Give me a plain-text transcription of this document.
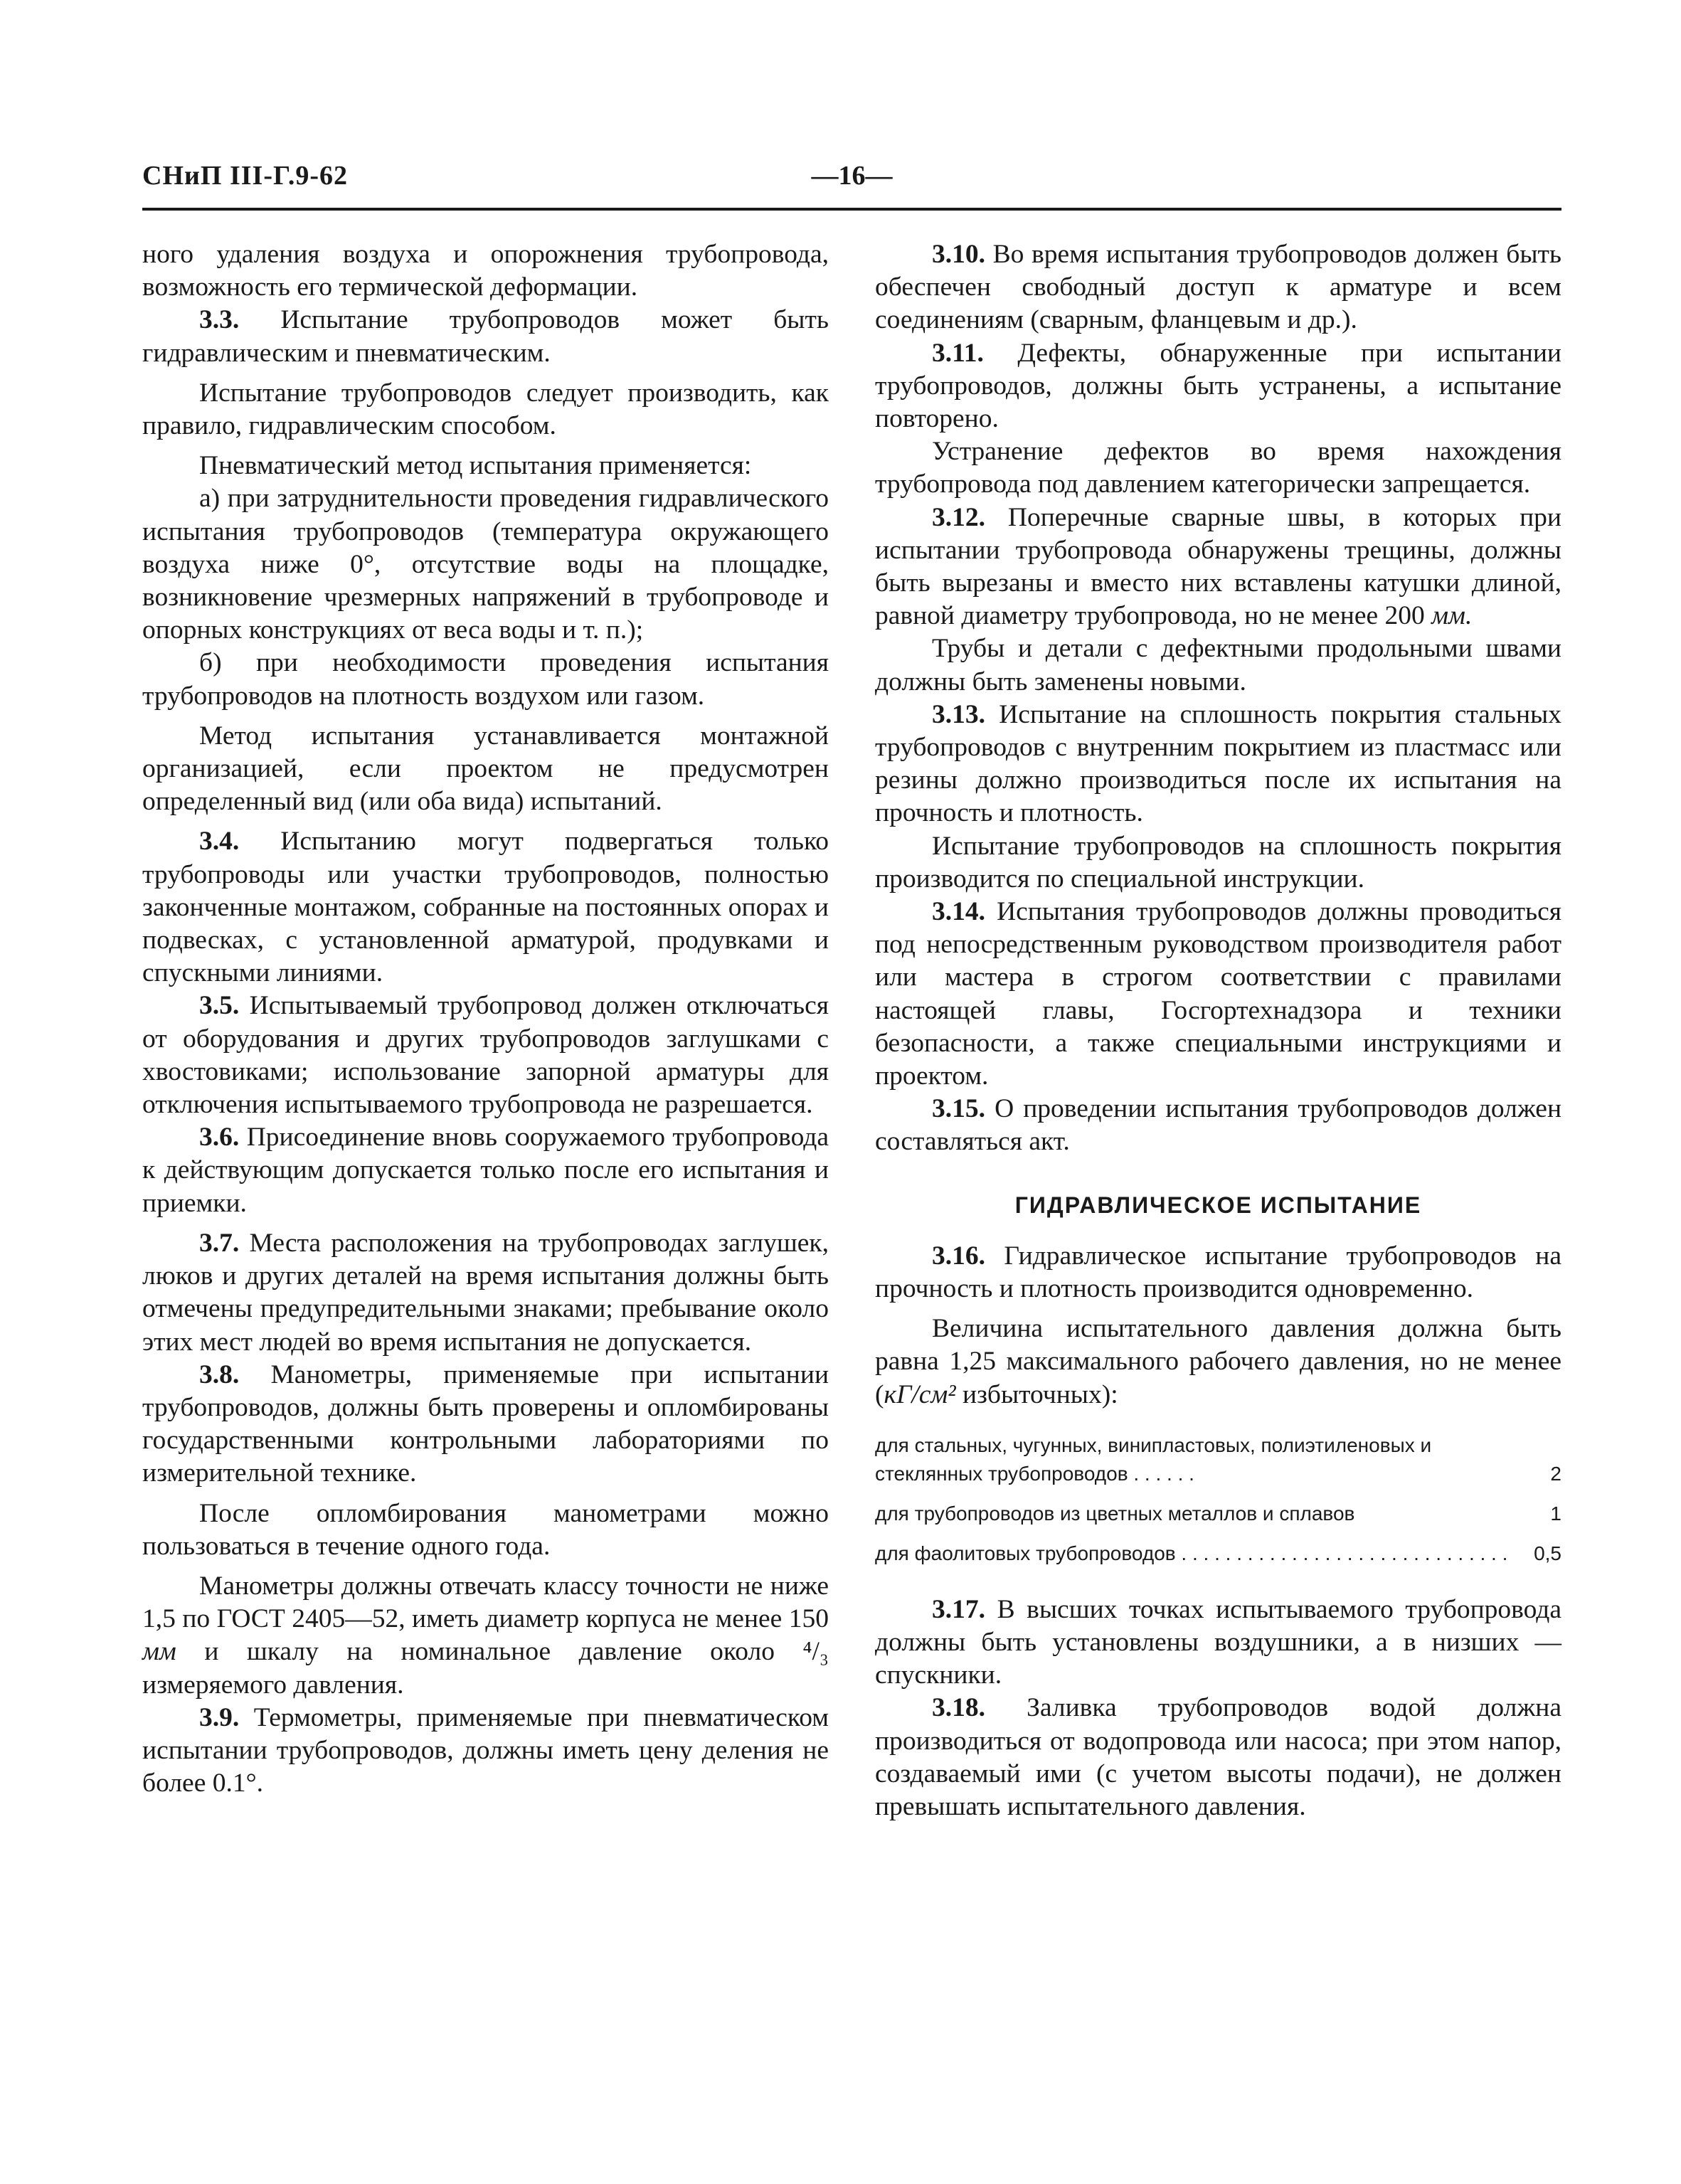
СНиП III-Г.9-62	—16—

ного удаления воздуха и опорожнения трубопровода, возможность его термической деформации.

3.3. Испытание трубопроводов может быть гидравлическим и пневматическим.

Испытание трубопроводов следует производить, как правило, гидравлическим способом.

Пневматический метод испытания применяется:

а) при затруднительности проведения гидравлического испытания трубопроводов (температура окружающего воздуха ниже 0°, отсутствие воды на площадке, возникновение чрезмерных напряжений в трубопроводе и опорных конструкциях от веса воды и т. п.);

б) при необходимости проведения испытания трубопроводов на плотность воздухом или газом.

Метод испытания устанавливается монтажной организацией, если проектом не предусмотрен определенный вид (или оба вида) испытаний.

3.4. Испытанию могут подвергаться только трубопроводы или участки трубопроводов, полностью законченные монтажом, собранные на постоянных опорах и подвесках, с установленной арматурой, продувками и спускными линиями.

3.5. Испытываемый трубопровод должен отключаться от оборудования и других трубопроводов заглушками с хвостовиками; использование запорной арматуры для отключения испытываемого трубопровода не разрешается.

3.6. Присоединение вновь сооружаемого трубопровода к действующим допускается только после его испытания и приемки.

3.7. Места расположения на трубопроводах заглушек, люков и других деталей на время испытания должны быть отмечены предупредительными знаками; пребывание около этих мест людей во время испытания не допускается.

3.8. Манометры, применяемые при испытании трубопроводов, должны быть проверены и опломбированы государственными контрольными лабораториями по измерительной технике.

После опломбирования манометрами можно пользоваться в течение одного года.

Манометры должны отвечать классу точности не ниже 1,5 по ГОСТ 2405—52, иметь диаметр корпуса не менее 150 мм и шкалу на номинальное давление около ⁴/₃ измеряемого давления.

3.9. Термометры, применяемые при пневматическом испытании трубопроводов, должны иметь цену деления не более 0.1°.

3.10. Во время испытания трубопроводов должен быть обеспечен свободный доступ к арматуре и всем соединениям (сварным, фланцевым и др.).

3.11. Дефекты, обнаруженные при испытании трубопроводов, должны быть устранены, а испытание повторено.

Устранение дефектов во время нахождения трубопровода под давлением категорически запрещается.

3.12. Поперечные сварные швы, в которых при испытании трубопровода обнаружены трещины, должны быть вырезаны и вместо них вставлены катушки длиной, равной диаметру трубопровода, но не менее 200 мм.

Трубы и детали с дефектными продольными швами должны быть заменены новыми.

3.13. Испытание на сплошность покрытия стальных трубопроводов с внутренним покрытием из пластмасс или резины должно производиться после их испытания на прочность и плотность.

Испытание трубопроводов на сплошность покрытия производится по специальной инструкции.

3.14. Испытания трубопроводов должны проводиться под непосредственным руководством производителя работ или мастера в строгом соответствии с правилами настоящей главы, Госгортехнадзора и техники безопасности, а также специальными инструкциями и проектом.

3.15. О проведении испытания трубопроводов должен составляться акт.

ГИДРАВЛИЧЕСКОЕ ИСПЫТАНИЕ

3.16. Гидравлическое испытание трубопроводов на прочность и плотность производится одновременно.

Величина испытательного давления должна быть равна 1,25 максимального рабочего давления, но не менее (кГ/см² избыточных):

для стальных, чугунных, винипластовых, полиэтиленовых и стеклянных трубопроводов . . . . . .	2
для трубопроводов из цветных металлов и сплавов	1
для фаолитовых трубопроводов . . .	0,5

3.17. В высших точках испытываемого трубопровода должны быть установлены воздушники, а в низших — спускники.

3.18. Заливка трубопроводов водой должна производиться от водопровода или насоса; при этом напор, создаваемый ими (с учетом высоты подачи), не должен превышать испытательного давления.
